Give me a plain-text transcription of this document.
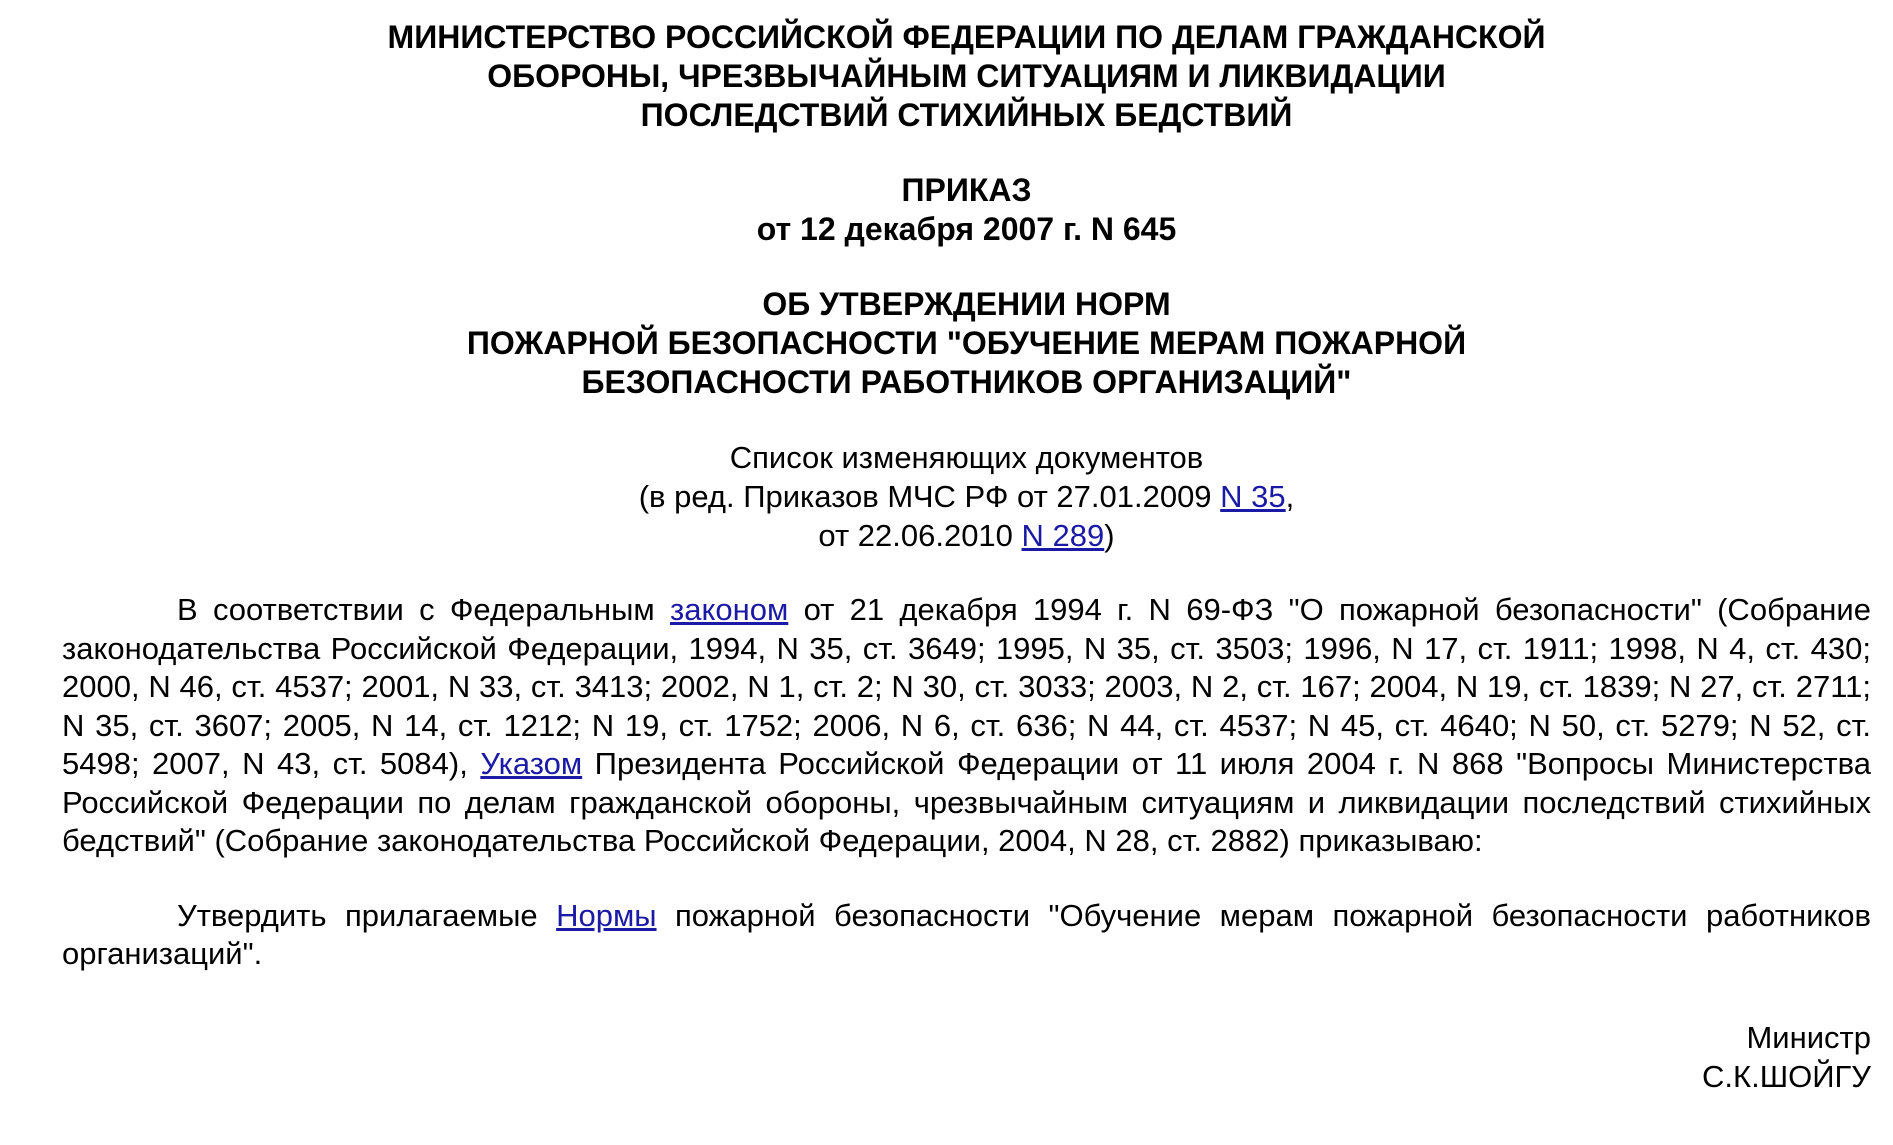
МИНИСТЕРСТВО РОССИЙСКОЙ ФЕДЕРАЦИИ ПО ДЕЛАМ ГРАЖДАНСКОЙ
ОБОРОНЫ, ЧРЕЗВЫЧАЙНЫМ СИТУАЦИЯМ И ЛИКВИДАЦИИ
ПОСЛЕДСТВИЙ СТИХИЙНЫХ БЕДСТВИЙ
ПРИКАЗ
от 12 декабря 2007 г. N 645
ОБ УТВЕРЖДЕНИИ НОРМ
ПОЖАРНОЙ БЕЗОПАСНОСТИ "ОБУЧЕНИЕ МЕРАМ ПОЖАРНОЙ
БЕЗОПАСНОСТИ РАБОТНИКОВ ОРГАНИЗАЦИЙ"
Список изменяющих документов
(в ред. Приказов МЧС РФ от 27.01.2009 N 35,
от 22.06.2010 N 289)

В соответствии с Федеральным законом от 21 декабря 1994 г. N 69-ФЗ "О пожарной безопасности" (Собрание законодательства Российской Федерации, 1994, N 35, ст. 3649; 1995, N 35, ст. 3503; 1996, N 17, ст. 1911; 1998, N 4, ст. 430; 2000, N 46, ст. 4537; 2001, N 33, ст. 3413; 2002, N 1, ст. 2; N 30, ст. 3033; 2003, N 2, ст. 167; 2004, N 19, ст. 1839; N 27, ст. 2711; N 35, ст. 3607; 2005, N 14, ст. 1212; N 19, ст. 1752; 2006, N 6, ст. 636; N 44, ст. 4537; N 45, ст. 4640; N 50, ст. 5279; N 52, ст. 5498; 2007, N 43, ст. 5084), Указом Президента Российской Федерации от 11 июля 2004 г. N 868 "Вопросы Министерства Российской Федерации по делам гражданской обороны, чрезвычайным ситуациям и ликвидации последствий стихийных бедствий" (Собрание законодательства Российской Федерации, 2004, N 28, ст. 2882) приказываю:

Утвердить прилагаемые Нормы пожарной безопасности "Обучение мерам пожарной безопасности работников организаций".

Министр
С.К.ШОЙГУ
